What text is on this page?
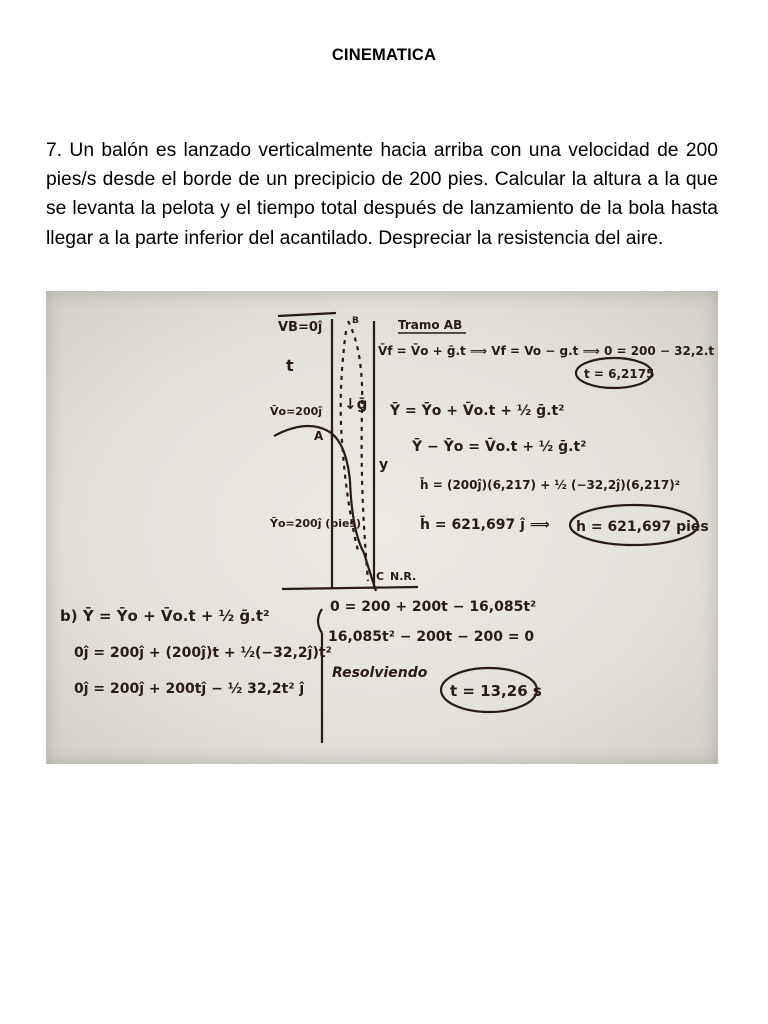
CINEMATICA
7. Un balón es lanzado verticalmente hacia arriba con una velocidad de 200 pies/s desde el borde de un precipicio de 200 pies. Calcular la altura a la que se levanta la pelota y el tiempo total después de lanzamiento de la bola hasta llegar a la parte inferior del acantilado. Despreciar la resistencia del aire.
VB=0ĵ	B
t
↓ḡ
V̄o=200ĵ
A
y
Ȳo=200ĵ (pies)
C N.R.
Tramo AB
V̄f = V̄o + ḡ.t ⟹ Vf = Vo − g.t ⟹ 0 = 200 − 32,2.t
t = 6,2175
Ȳ = Ȳo + V̄o.t + ½ ḡ.t²
Ȳ − Ȳo = V̄o.t + ½ ḡ.t²
h̄ = (200ĵ)(6,217) + ½ (−32,2ĵ)(6,217)²
h̄ = 621,697 ĵ ⟹ h = 621,697 pies
b) Ȳ = Ȳo + V̄o.t + ½ ḡ.t²
0ĵ = 200ĵ + (200ĵ)t + ½(−32,2ĵ)t²
0ĵ = 200ĵ + 200tĵ − ½ 32,2t² ĵ
0 = 200 + 200t − 16,085t²
16,085t² − 200t − 200 = 0
Resolviendo
t = 13,26 s
